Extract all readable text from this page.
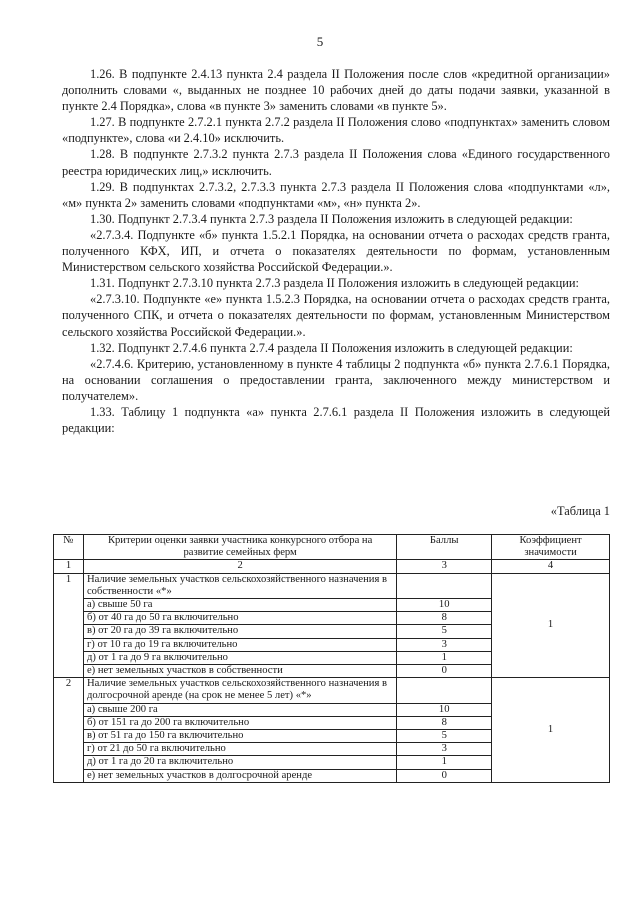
5

1.26. В подпункте 2.4.13 пункта 2.4 раздела II Положения после слов «кредитной организации» дополнить словами «, выданных не позднее 10 рабочих дней до даты подачи заявки, указанной в пункте 2.4 Порядка», слова «в пункте 3» заменить словами «в пункте 5».

1.27. В подпункте 2.7.2.1 пункта 2.7.2 раздела II Положения слово «подпунктах» заменить словом «подпункте», слова «и 2.4.10» исключить.

1.28. В подпункте 2.7.3.2 пункта 2.7.3 раздела II Положения слова «Единого государственного реестра юридических лиц,» исключить.

1.29. В подпунктах 2.7.3.2, 2.7.3.3 пункта 2.7.3 раздела II Положения слова «подпунктами «л», «м» пункта 2» заменить словами «подпунктами «м», «н» пункта 2».

1.30. Подпункт 2.7.3.4 пункта 2.7.3 раздела II Положения изложить в следующей редакции:

«2.7.3.4. Подпункте «б» пункта 1.5.2.1 Порядка, на основании отчета о расходах средств гранта, полученного КФХ, ИП, и отчета о показателях деятельности по формам, установленным Министерством сельского хозяйства Российской Федерации.».

1.31. Подпункт 2.7.3.10 пункта 2.7.3 раздела II Положения изложить в следующей редакции:

«2.7.3.10. Подпункте «е» пункта 1.5.2.3 Порядка, на основании отчета о расходах средств гранта, полученного СПК, и отчета о показателях деятельности по формам, установленным Министерством сельского хозяйства Российской Федерации.».

1.32. Подпункт 2.7.4.6 пункта 2.7.4 раздела II Положения изложить в следующей редакции:

«2.7.4.6. Критерию, установленному в пункте 4 таблицы 2 подпункта «б» пункта 2.7.6.1 Порядка, на основании соглашения о предоставлении гранта, заключенного между министерством и получателем».

1.33. Таблицу 1 подпункта «а» пункта 2.7.6.1 раздела II Положения изложить в следующей редакции:

«Таблица 1
№	Критерии оценки заявки участника конкурсного отбора на развитие семейных ферм	Баллы	Коэффициент значимости
1	2	3	4
1	Наличие земельных участков сельскохозяйственного назначения в собственности «*»		1
	а) свыше 50 га	10	
	б) от 40 га до 50 га включительно	8	
	в) от 20 га до 39 га включительно	5	
	г) от 10 га до 19 га включительно	3	
	д) от 1 га до 9 га включительно	1	
	е) нет земельных участков в собственности	0	
2	Наличие земельных участков сельскохозяйственного назначения в долгосрочной аренде (на срок не менее 5 лет) «*»		1
	а) свыше 200 га	10	
	б) от 151 га до 200 га включительно	8	
	в) от 51 га до 150 га включительно	5	
	г) от 21 до 50 га включительно	3	
	д) от 1 га до 20 га включительно	1	
	е) нет земельных участков в долгосрочной аренде	0	
